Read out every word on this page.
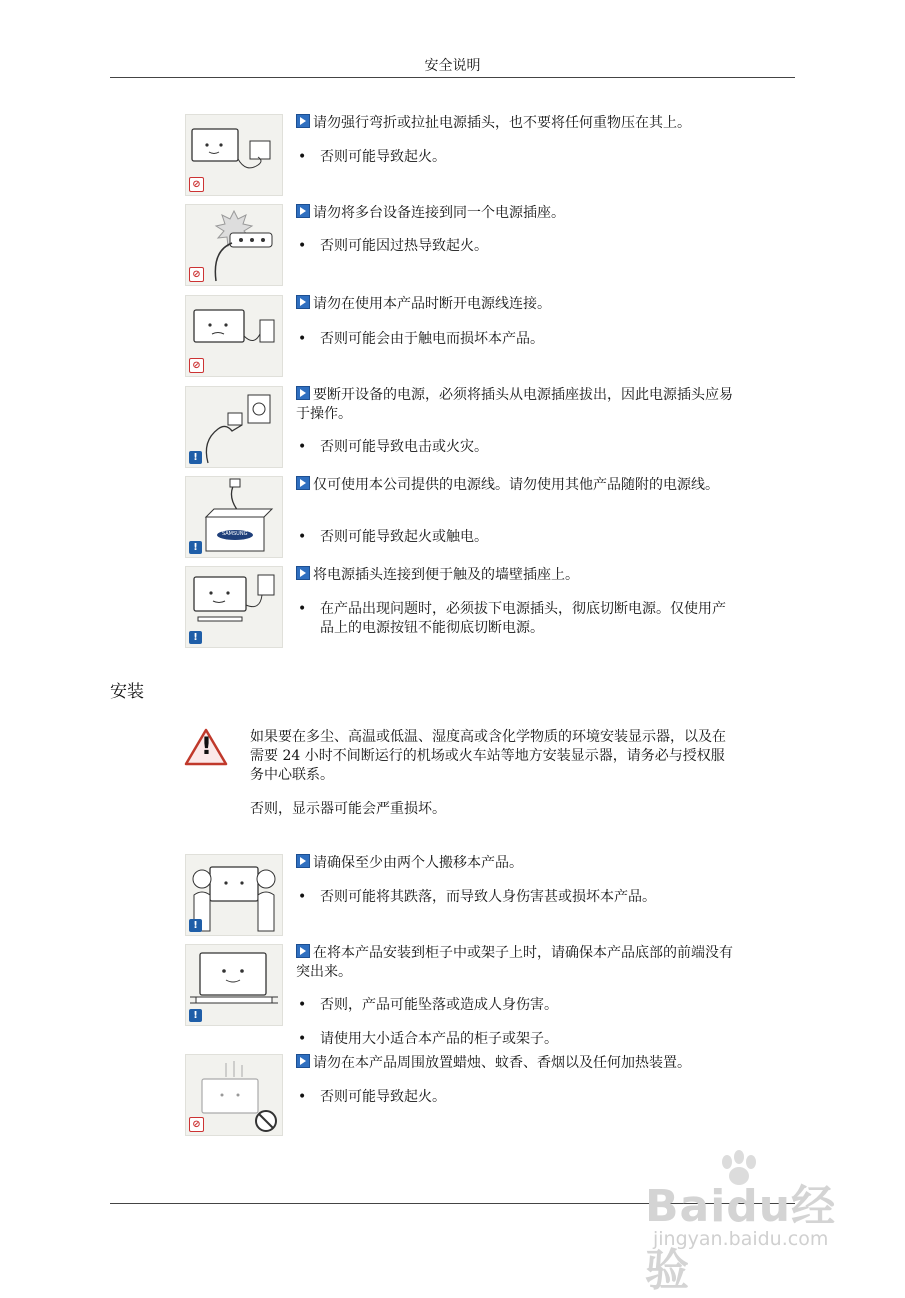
安全说明
⊘
请勿强行弯折或拉扯电源插头，也不要将任何重物压在其上。
• 否则可能导致起火。
⊘
请勿将多台设备连接到同一个电源插座。
• 否则可能因过热导致起火。
⊘
请勿在使用本产品时断开电源线连接。
• 否则可能会由于触电而损坏本产品。
!
要断开设备的电源，必须将插头从电源插座拔出，因此电源插头应易于操作。
• 否则可能导致电击或火灾。
SAMSUNG
!
仅可使用本公司提供的电源线。请勿使用其他产品随附的电源线。
• 否则可能导致起火或触电。
!
将电源插头连接到便于触及的墙壁插座上。
• 在产品出现问题时，必须拔下电源插头，彻底切断电源。仅使用产品上的电源按钮不能彻底切断电源。
安装
!	如果要在多尘、高温或低温、湿度高或含化学物质的环境安装显示器，以及在需要 24 小时不间断运行的机场或火车站等地方安装显示器，请务必与授权服务中心联系。
否则，显示器可能会严重损坏。
!
请确保至少由两个人搬移本产品。
• 否则可能将其跌落，而导致人身伤害甚或损坏本产品。
!
在将本产品安装到柜子中或架子上时，请确保本产品底部的前端没有突出来。
• 否则，产品可能坠落或造成人身伤害。
• 请使用大小适合本产品的柜子或架子。
⊘
请勿在本产品周围放置蜡烛、蚊香、香烟以及任何加热装置。
• 否则可能导致起火。
Baidu经验
jingyan.baidu.com
